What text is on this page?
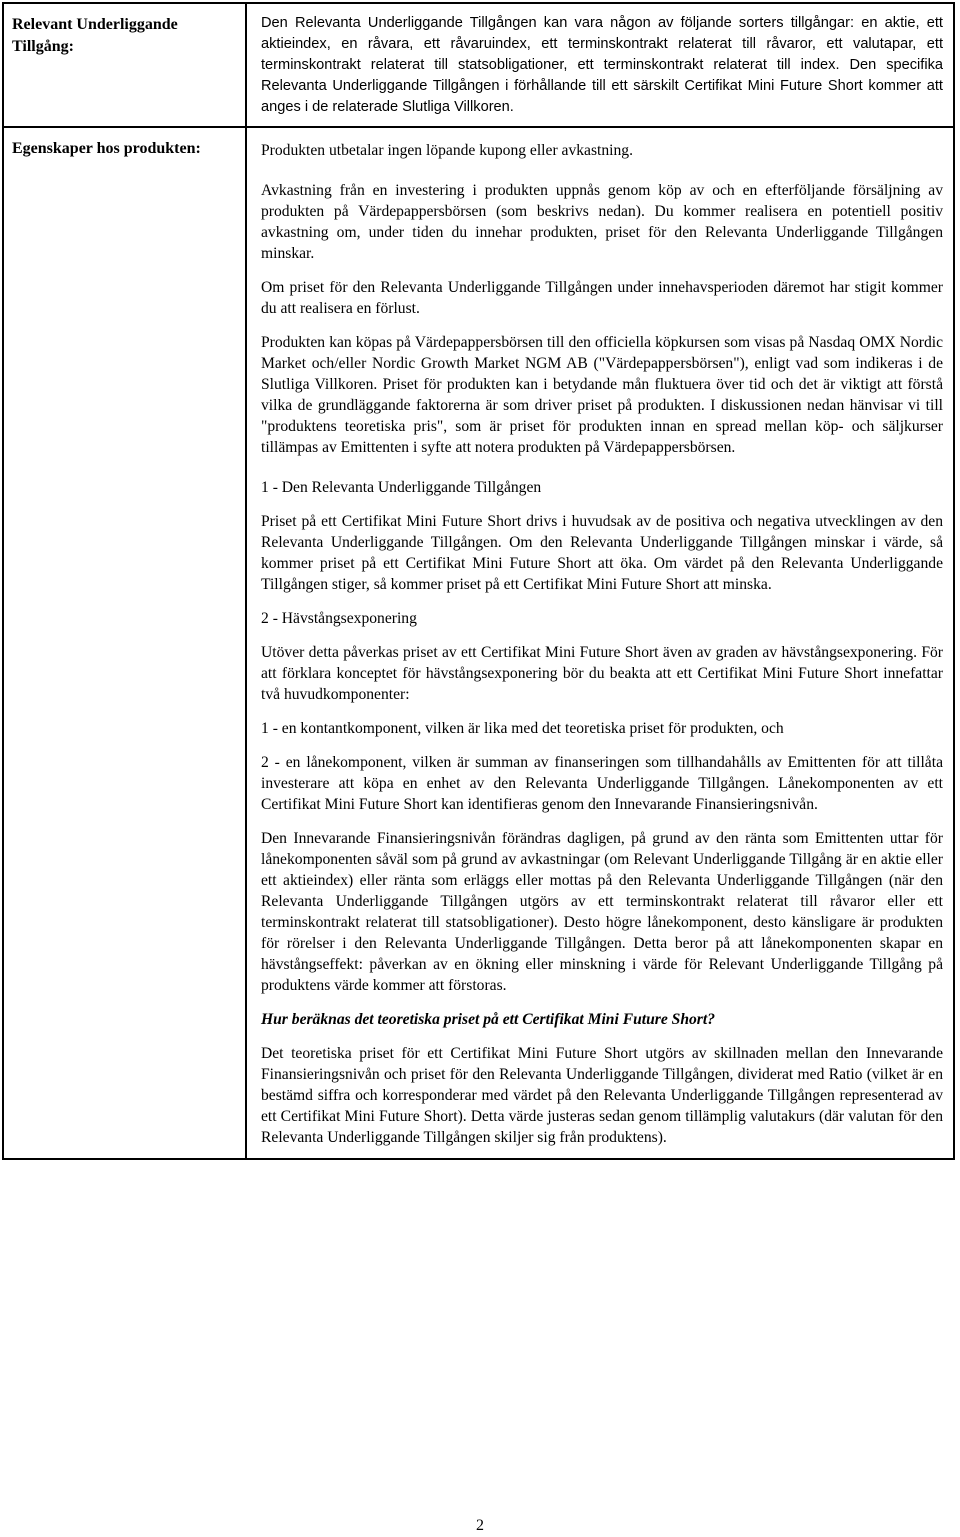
Relevant Underliggande Tillgång:

Den Relevanta Underliggande Tillgången kan vara någon av följande sorters tillgångar: en aktie, ett aktieindex, en råvara, ett råvaruindex, ett terminskontrakt relaterat till råvaror, ett valutapar, ett terminskontrakt relaterat till statsobligationer, ett terminskontrakt relaterat till index. Den specifika Relevanta Underliggande Tillgången i förhållande till ett särskilt Certifikat Mini Future Short kommer att anges i de relaterade Slutliga Villkoren.

Egenskaper hos produkten:	Produkten utbetalar ingen löpande kupong eller avkastning.

Avkastning från en investering i produkten uppnås genom köp av och en efterföljande försäljning av produkten på Värdepappersbörsen (som beskrivs nedan). Du kommer realisera en potentiell positiv avkastning om, under tiden du innehar produkten, priset för den Relevanta Underliggande Tillgången minskar.

Om priset för den Relevanta Underliggande Tillgången under innehavsperioden däremot har stigit kommer du att realisera en förlust.

Produkten kan köpas på Värdepappersbörsen till den officiella köpkursen som visas på Nasdaq OMX Nordic Market och/eller Nordic Growth Market NGM AB ("Värdepappersbörsen"), enligt vad som indikeras i de Slutliga Villkoren. Priset för produkten kan i betydande mån fluktuera över tid och det är viktigt att förstå vilka de grundläggande faktorerna är som driver priset på produkten. I diskussionen nedan hänvisar vi till "produktens teoretiska pris", som är priset för produkten innan en spread mellan köp- och säljkurser tillämpas av Emittenten i syfte att notera produkten på Värdepappersbörsen.

1 - Den Relevanta Underliggande Tillgången

Priset på ett Certifikat Mini Future Short drivs i huvudsak av de positiva och negativa utvecklingen av den Relevanta Underliggande Tillgången. Om den Relevanta Underliggande Tillgången minskar i värde, så kommer priset på ett Certifikat Mini Future Short att öka. Om värdet på den Relevanta Underliggande Tillgången stiger, så kommer priset på ett Certifikat Mini Future Short att minska.

2 - Hävstångsexponering

Utöver detta påverkas priset av ett Certifikat Mini Future Short även av graden av hävstångsexponering. För att förklara konceptet för hävstångsexponering bör du beakta att ett Certifikat Mini Future Short innefattar två huvudkomponenter:

1 - en kontantkomponent, vilken är lika med det teoretiska priset för produkten, och

2 - en lånekomponent, vilken är summan av finanseringen som tillhandahålls av Emittenten för att tillåta investerare att köpa en enhet av den Relevanta Underliggande Tillgången. Lånekomponenten av ett Certifikat Mini Future Short kan identifieras genom den Innevarande Finansieringsnivån.

Den Innevarande Finansieringsnivån förändras dagligen, på grund av den ränta som Emittenten uttar för lånekomponenten såväl som på grund av avkastningar (om Relevant Underliggande Tillgång är en aktie eller ett aktieindex) eller ränta som erläggs eller mottas på den Relevanta Underliggande Tillgången (när den Relevanta Underliggande Tillgången utgörs av ett terminskontrakt relaterat till råvaror eller ett terminskontrakt relaterat till statsobligationer). Desto högre lånekomponent, desto känsligare är produkten för rörelser i den Relevanta Underliggande Tillgången. Detta beror på att lånekomponenten skapar en hävstångseffekt: påverkan av en ökning eller minskning i värde för Relevant Underliggande Tillgång på produktens värde kommer att förstoras.

Hur beräknas det teoretiska priset på ett Certifikat Mini Future Short?

Det teoretiska priset för ett Certifikat Mini Future Short utgörs av skillnaden mellan den Innevarande Finansieringsnivån och priset för den Relevanta Underliggande Tillgången, dividerat med Ratio (vilket är en bestämd siffra och korresponderar med värdet på den Relevanta Underliggande Tillgången representerad av ett Certifikat Mini Future Short). Detta värde justeras sedan genom tillämplig valutakurs (där valutan för den Relevanta Underliggande Tillgången skiljer sig från produktens).

2
